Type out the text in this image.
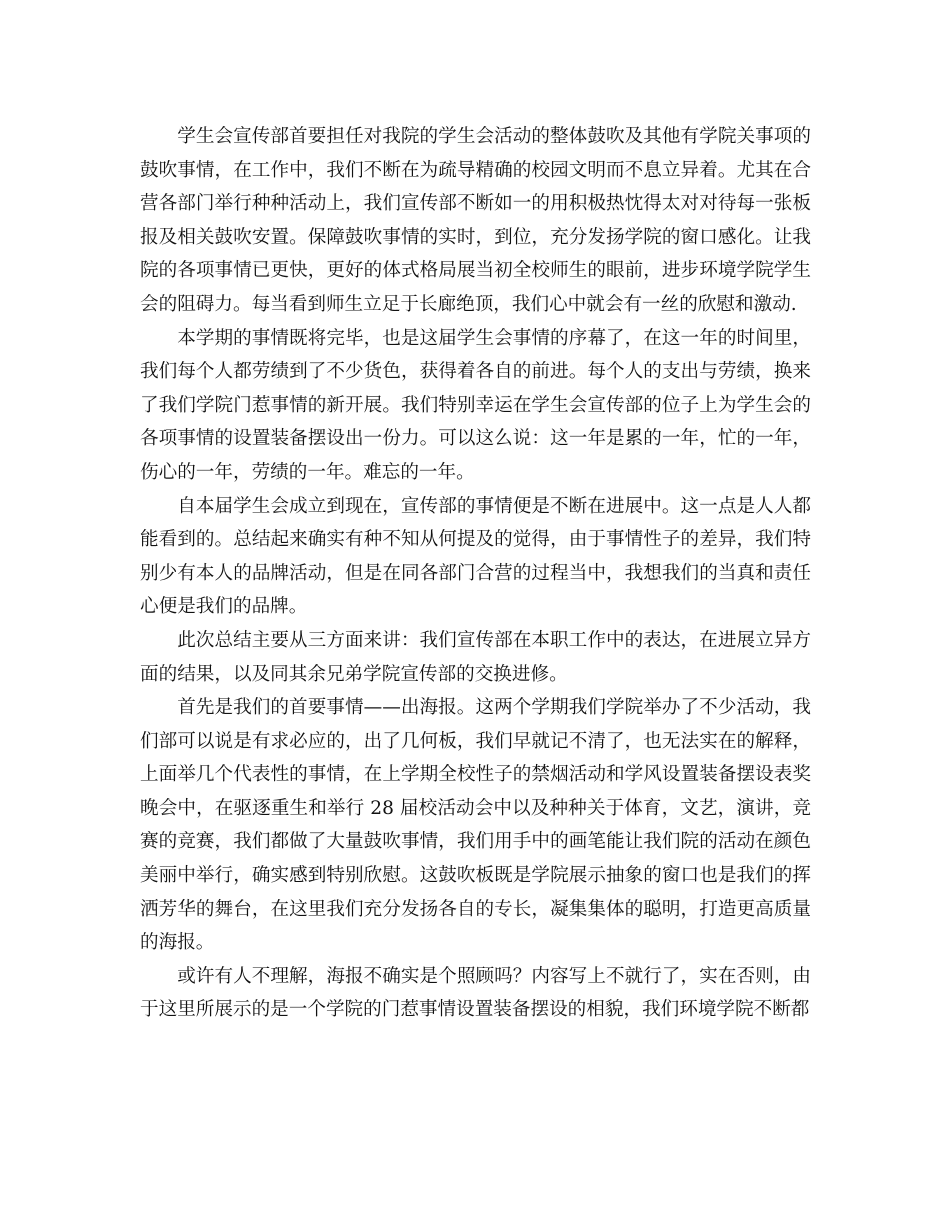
学生会宣传部首要担任对我院的学生会活动的整体鼓吹及其他有学院关事项的鼓吹事情，在工作中，我们不断在为疏导精确的校园文明而不息立异着。尤其在合营各部门举行种种活动上，我们宣传部不断如一的用积极热忱得太对对待每一张板报及相关鼓吹安置。保障鼓吹事情的实时，到位，充分发扬学院的窗口感化。让我院的各项事情已更快，更好的体式格局展当初全校师生的眼前，进步环境学院学生会的阻碍力。每当看到师生立足于长廊绝顶，我们心中就会有一丝的欣慰和激动.

本学期的事情既将完毕，也是这届学生会事情的序幕了，在这一年的时间里，我们每个人都劳绩到了不少货色，获得着各自的前进。每个人的支出与劳绩，换来了我们学院门惹事情的新开展。我们特别幸运在学生会宣传部的位子上为学生会的各项事情的设置装备摆设出一份力。可以这么说：这一年是累的一年，忙的一年，伤心的一年，劳绩的一年。难忘的一年。

自本届学生会成立到现在，宣传部的事情便是不断在进展中。这一点是人人都能看到的。总结起来确实有种不知从何提及的觉得，由于事情性子的差异，我们特别少有本人的品牌活动，但是在同各部门合营的过程当中，我想我们的当真和责任心便是我们的品牌。

此次总结主要从三方面来讲：我们宣传部在本职工作中的表达，在进展立异方面的结果，以及同其余兄弟学院宣传部的交换进修。

首先是我们的首要事情——出海报。这两个学期我们学院举办了不少活动，我们部可以说是有求必应的，出了几何板，我们早就记不清了，也无法实在的解释，上面举几个代表性的事情，在上学期全校性子的禁烟活动和学风设置装备摆设表奖晚会中，在驱逐重生和举行 28 届校活动会中以及种种关于体育，文艺，演讲，竞赛的竞赛，我们都做了大量鼓吹事情，我们用手中的画笔能让我们院的活动在颜色美丽中举行，确实感到特别欣慰。这鼓吹板既是学院展示抽象的窗口也是我们的挥洒芳华的舞台，在这里我们充分发扬各自的专长，凝集集体的聪明，打造更高质量的海报。

或许有人不理解，海报不确实是个照顾吗？内容写上不就行了，实在否则，由于这里所展示的是一个学院的门惹事情设置装备摆设的相貌，我们环境学院不断都
